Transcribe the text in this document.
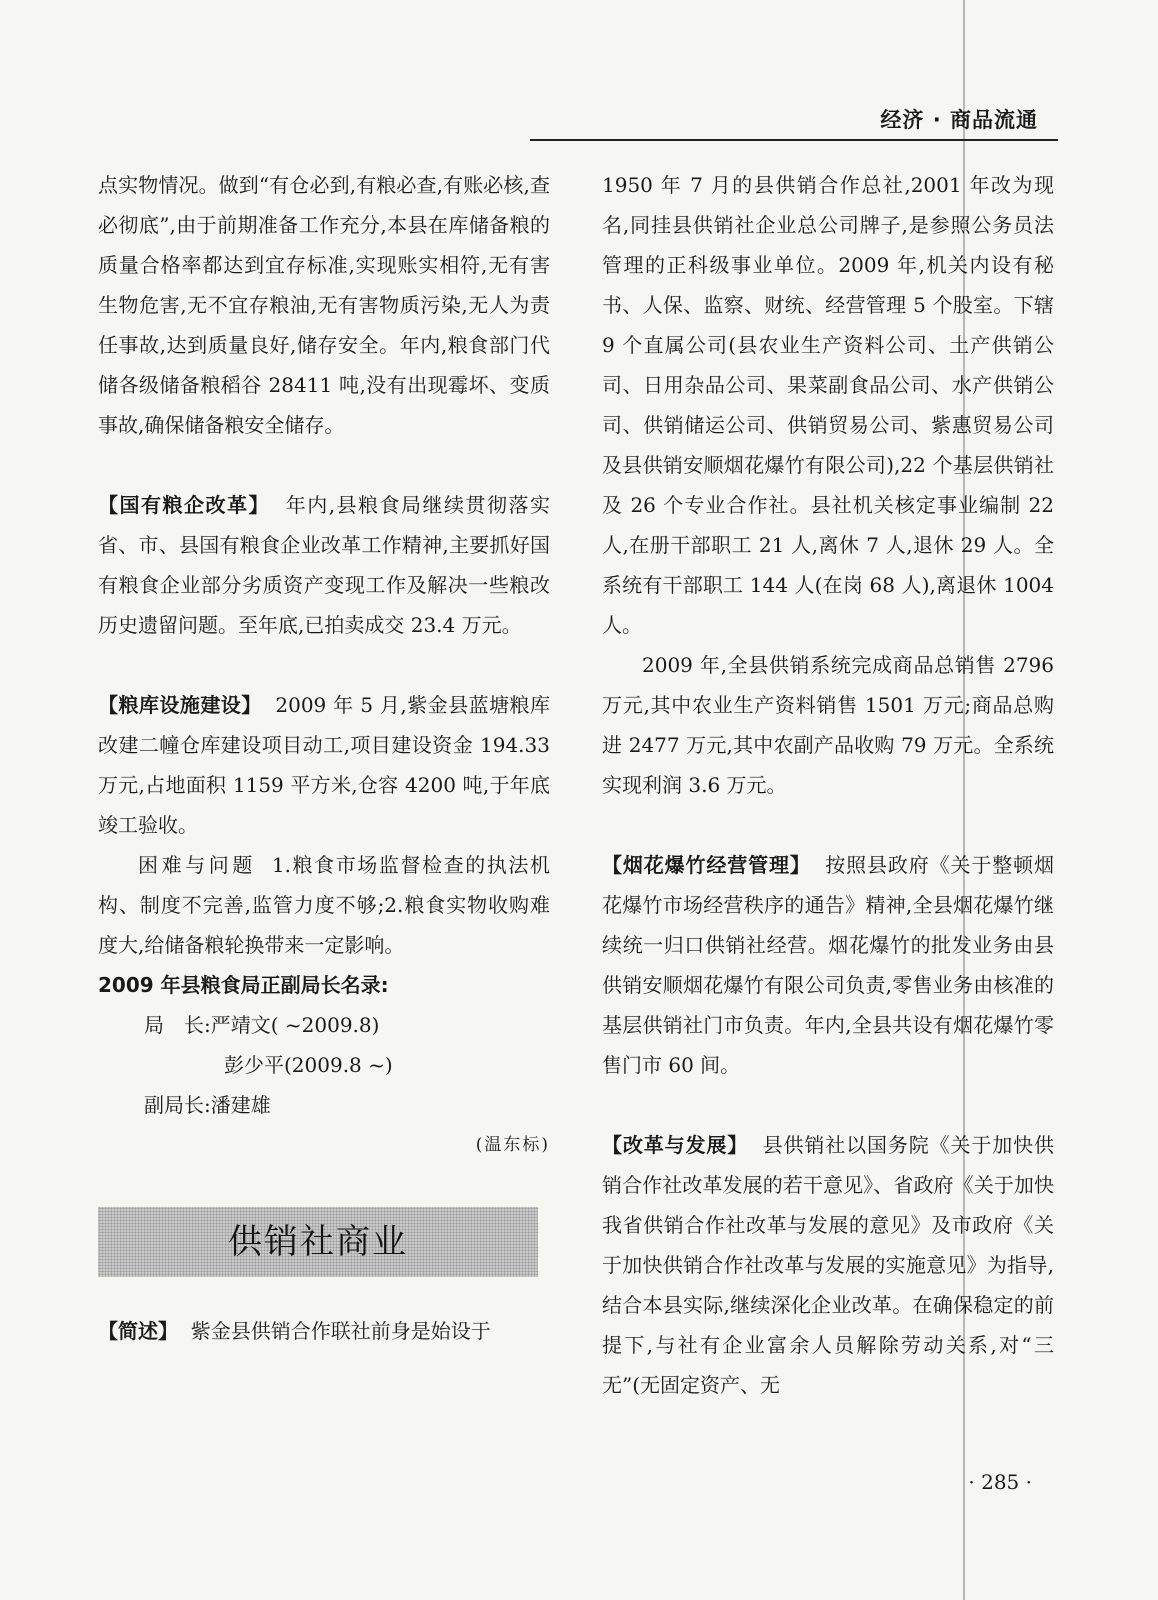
经济 · 商品流通

点实物情况。做到“有仓必到,有粮必查,有账必核,查必彻底”,由于前期准备工作充分,本县在库储备粮的质量合格率都达到宜存标准,实现账实相符,无有害生物危害,无不宜存粮油,无有害物质污染,无人为责任事故,达到质量良好,储存安全。年内,粮食部门代储各级储备粮稻谷 28411 吨,没有出现霉坏、变质事故,确保储备粮安全储存。

【国有粮企改革】 年内,县粮食局继续贯彻落实省、市、县国有粮食企业改革工作精神,主要抓好国有粮食企业部分劣质资产变现工作及解决一些粮改历史遗留问题。至年底,已拍卖成交 23.4 万元。

【粮库设施建设】 2009 年 5 月,紫金县蓝塘粮库改建二幢仓库建设项目动工,项目建设资金 194.33 万元,占地面积 1159 平方米,仓容 4200 吨,于年底竣工验收。

困难与问题 1.粮食市场监督检查的执法机构、制度不完善,监管力度不够;2.粮食实物收购难度大,给储备粮轮换带来一定影响。

2009 年县粮食局正副局长名录:

局　长:严靖文( ~2009.8)

彭少平(2009.8 ~)

副局长:潘建雄

(温东标)

供销社商业

【简述】 紫金县供销合作联社前身是始设于

1950 年 7 月的县供销合作总社,2001 年改为现名,同挂县供销社企业总公司牌子,是参照公务员法管理的正科级事业单位。2009 年,机关内设有秘书、人保、监察、财统、经营管理 5 个股室。下辖 9 个直属公司(县农业生产资料公司、土产供销公司、日用杂品公司、果菜副食品公司、水产供销公司、供销储运公司、供销贸易公司、紫惠贸易公司及县供销安顺烟花爆竹有限公司),22 个基层供销社及 26 个专业合作社。县社机关核定事业编制 22 人,在册干部职工 21 人,离休 7 人,退休 29 人。全系统有干部职工 144 人(在岗 68 人),离退休 1004 人。

2009 年,全县供销系统完成商品总销售 2796 万元,其中农业生产资料销售 1501 万元;商品总购进 2477 万元,其中农副产品收购 79 万元。全系统实现利润 3.6 万元。

【烟花爆竹经营管理】 按照县政府《关于整顿烟花爆竹市场经营秩序的通告》精神,全县烟花爆竹继续统一归口供销社经营。烟花爆竹的批发业务由县供销安顺烟花爆竹有限公司负责,零售业务由核准的基层供销社门市负责。年内,全县共设有烟花爆竹零售门市 60 间。

【改革与发展】 县供销社以国务院《关于加快供销合作社改革发展的若干意见》、省政府《关于加快我省供销合作社改革与发展的意见》及市政府《关于加快供销合作社改革与发展的实施意见》为指导,结合本县实际,继续深化企业改革。在确保稳定的前提下,与社有企业富余人员解除劳动关系,对“三无”(无固定资产、无

· 285 ·
